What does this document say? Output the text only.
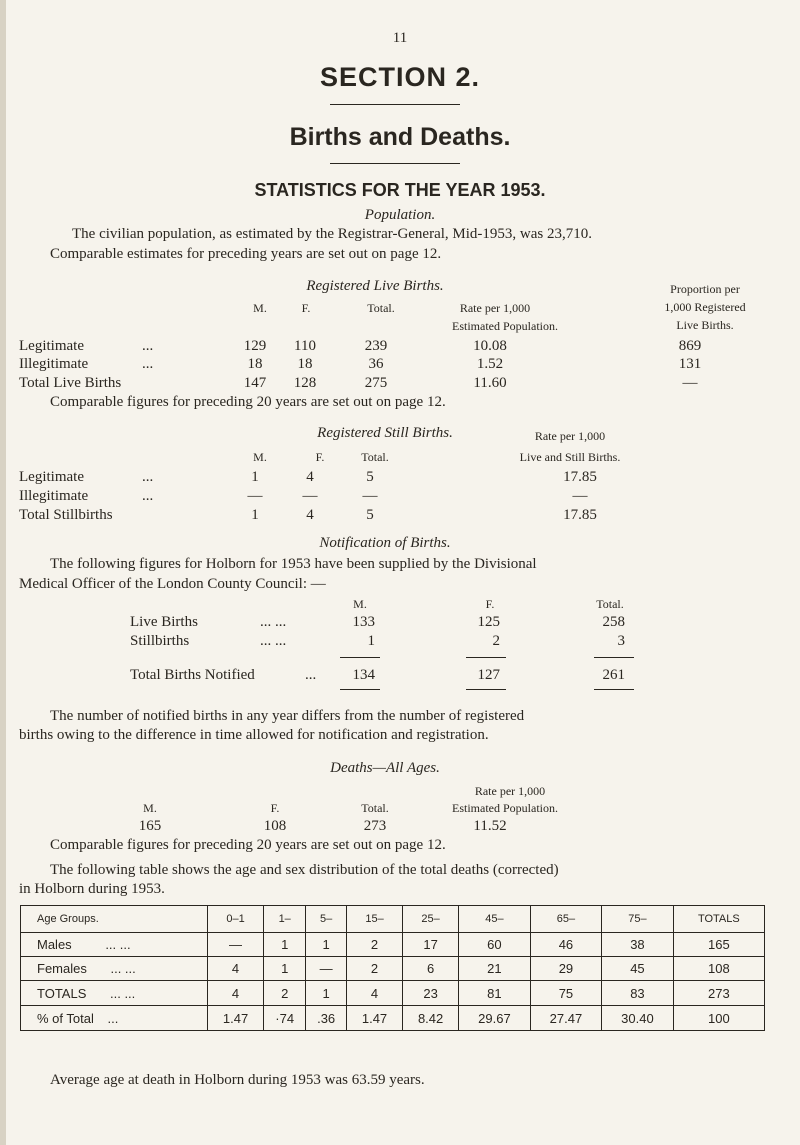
11
SECTION 2.
Births and Deaths.
STATISTICS FOR THE YEAR 1953.
Population.
The civilian population, as estimated by the Registrar-General, Mid-1953, was 23,710.
Comparable estimates for preceding years are set out on page 12.
Registered Live Births.	Proportion per
1,000 Registered
Live Births.
M.	F.	Total.	Rate per 1,000
Estimated Population.
Legitimate	...	129	110	239	10.08	869
Illegitimate	...	18	18	36	1.52	131
Total Live Births	147	128	275	11.60	—
Comparable figures for preceding 20 years are set out on page 12.
Registered Still Births.	Rate per 1,000
M.	F.	Total.	Live and Still Births.
Legitimate	...	1	4	5	17.85
Illegitimate	...	—	—	—	—
Total Stillbirths	1	4	5	17.85
Notification of Births.
The following figures for Holborn for 1953 have been supplied by the Divisional
Medical Officer of the London County Council: —
M.	F.	Total.
Live Births	... ...	133	125	258
Stillbirths	... ...	1	2	3
Total Births Notified	...	134	127	261
The number of notified births in any year differs from the number of registered
births owing to the difference in time allowed for notification and registration.
Deaths—All Ages.
Rate per 1,000
M.	F.	Total.	Estimated Population.
165	108	273	11.52
Comparable figures for preceding 20 years are set out on page 12.
The following table shows the age and sex distribution of the total deaths (corrected)
in Holborn during 1953.
Age Groups.	0–1	1–	5–	15–	25–	45–	65–	75–	TOTALS
Males ... ...	—	1	1	2	17	60	46	38	165
Females ... ...	4	1	—	2	6	21	29	45	108
TOTALS ... ...	4	2	1	4	23	81	75	83	273
% of Total ...	1.47	·74	.36	1.47	8.42	29.67	27.47	30.40	100
Average age at death in Holborn during 1953 was 63.59 years.
